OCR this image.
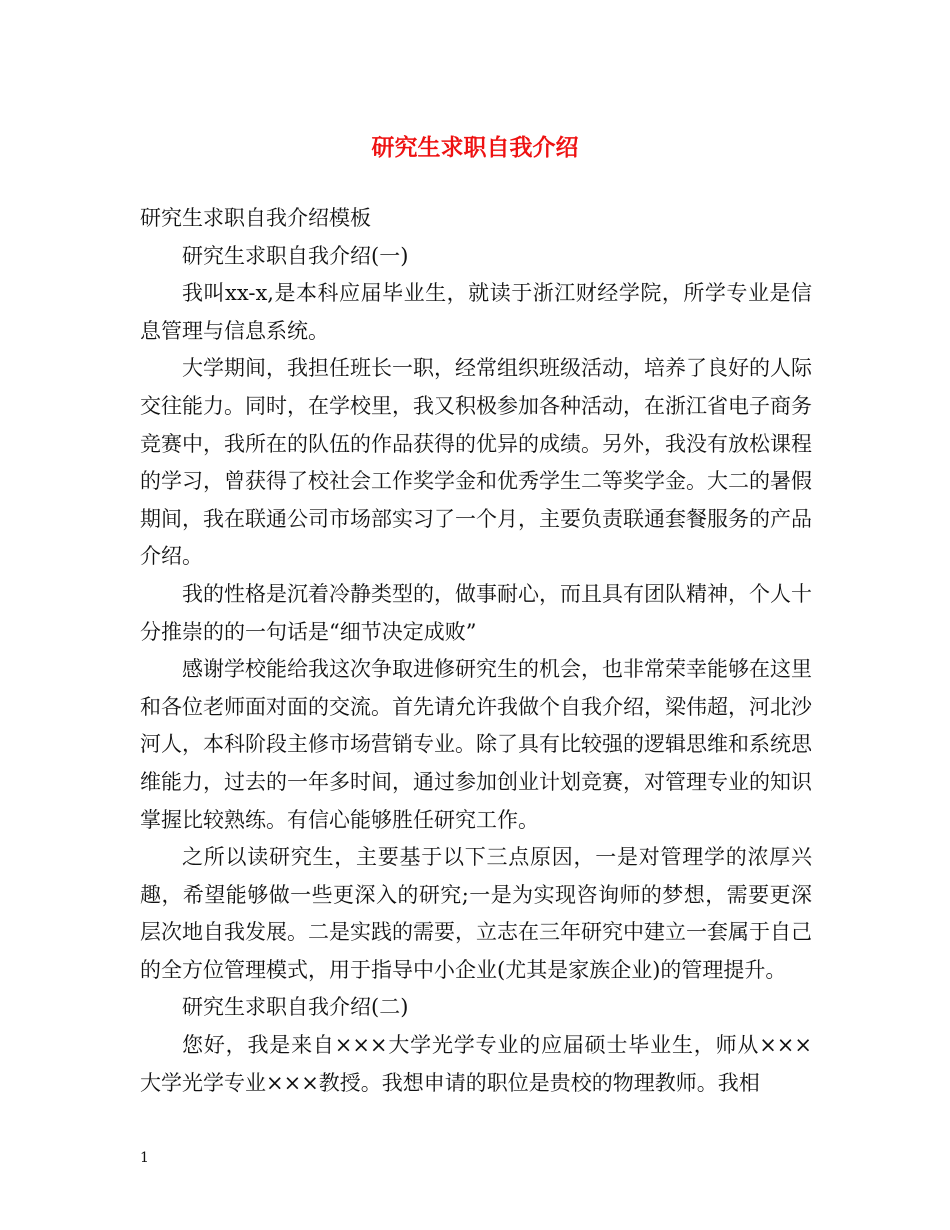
研究生求职自我介绍

研究生求职自我介绍模板

研究生求职自我介绍(一)

我叫xx-x,是本科应届毕业生，就读于浙江财经学院，所学专业是信息管理与信息系统。

大学期间，我担任班长一职，经常组织班级活动，培养了良好的人际交往能力。同时，在学校里，我又积极参加各种活动，在浙江省电子商务竞赛中，我所在的队伍的作品获得的优异的成绩。另外，我没有放松课程的学习，曾获得了校社会工作奖学金和优秀学生二等奖学金。大二的暑假期间，我在联通公司市场部实习了一个月，主要负责联通套餐服务的产品介绍。

我的性格是沉着冷静类型的，做事耐心，而且具有团队精神，个人十分推崇的的一句话是“细节决定成败”

感谢学校能给我这次争取进修研究生的机会，也非常荣幸能够在这里和各位老师面对面的交流。首先请允许我做个自我介绍，梁伟超，河北沙河人，本科阶段主修市场营销专业。除了具有比较强的逻辑思维和系统思维能力，过去的一年多时间，通过参加创业计划竞赛，对管理专业的知识掌握比较熟练。有信心能够胜任研究工作。

之所以读研究生，主要基于以下三点原因，一是对管理学的浓厚兴趣，希望能够做一些更深入的研究;一是为实现咨询师的梦想，需要更深层次地自我发展。二是实践的需要，立志在三年研究中建立一套属于自己的全方位管理模式，用于指导中小企业(尤其是家族企业)的管理提升。

研究生求职自我介绍(二)

您好，我是来自×××大学光学专业的应届硕士毕业生，师从×××大学光学专业×××教授。我想申请的职位是贵校的物理教师。我相

1
